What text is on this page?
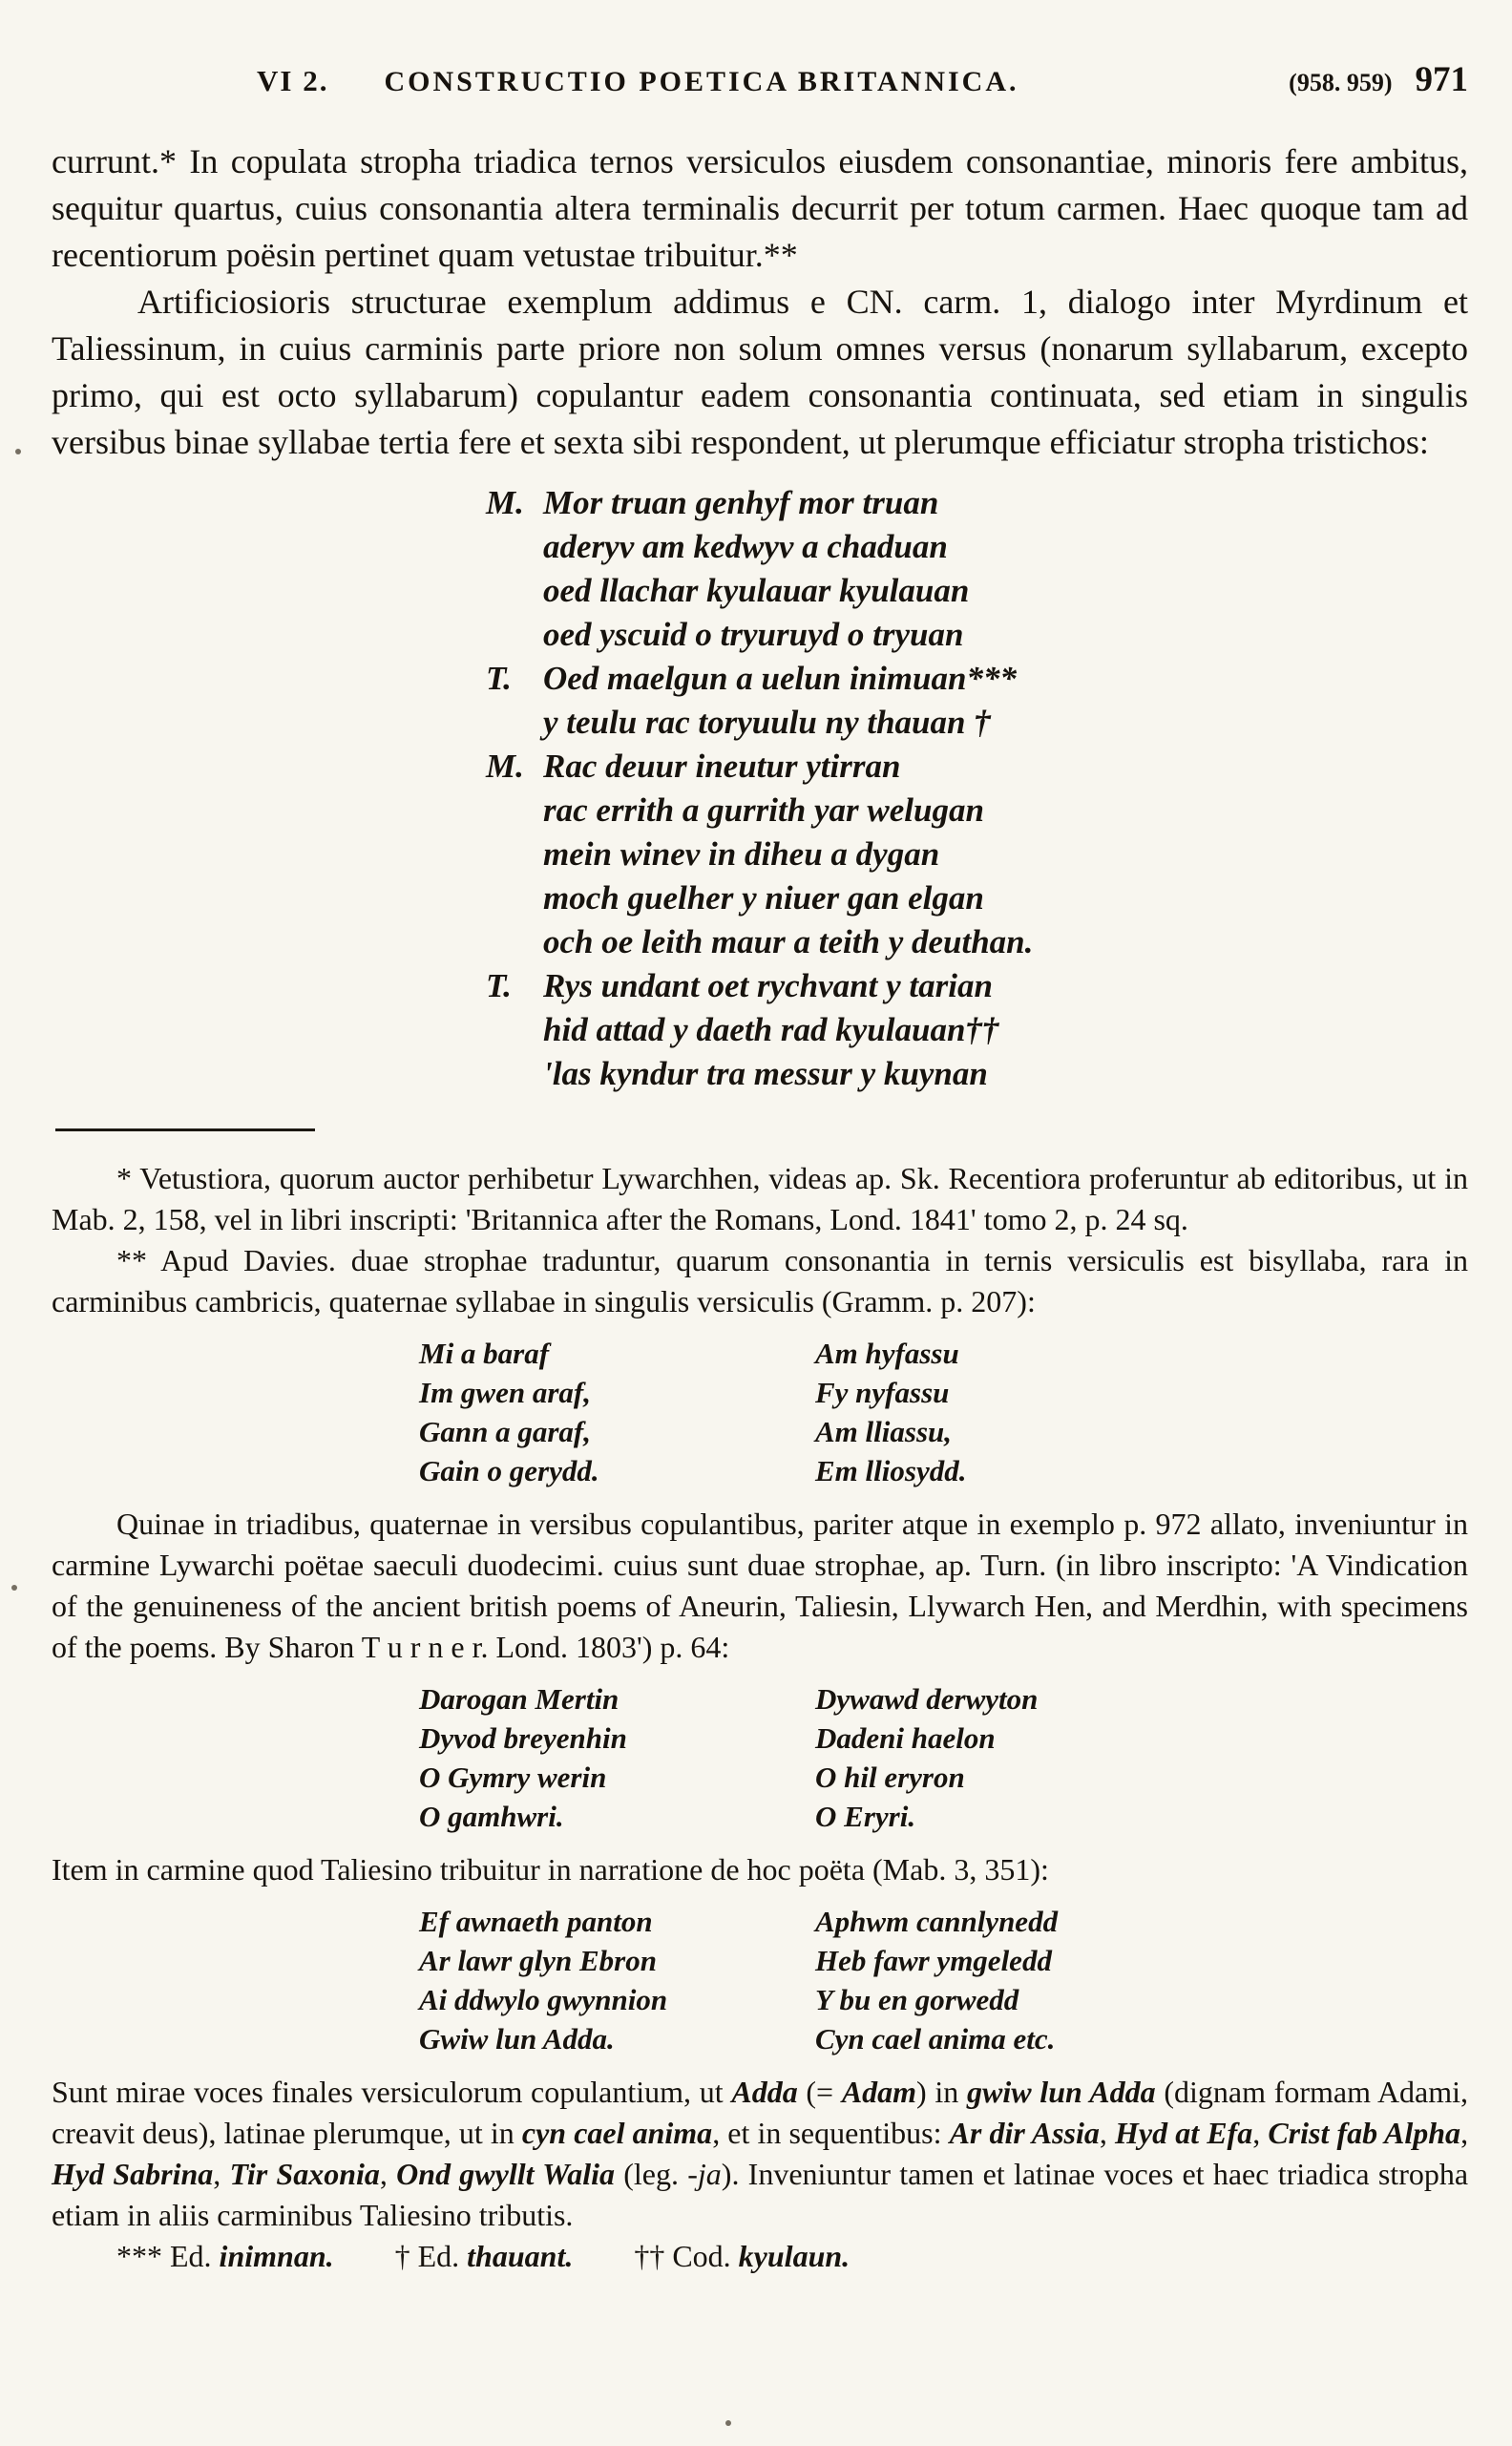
VI 2. CONSTRUCTIO POETICA BRITANNICA.	(958. 959) 971

currunt.* In copulata stropha triadica ternos versiculos eiusdem consonantiae, minoris fere ambitus, sequitur quartus, cuius consonantia altera terminalis decurrit per totum carmen. Haec quoque tam ad recentiorum poësin pertinet quam vetustae tribuitur.**

Artificiosioris structurae exemplum addimus e CN. carm. 1, dialogo inter Myrdinum et Taliessinum, in cuius carminis parte priore non solum omnes versus (nonarum syllabarum, excepto primo, qui est octo syllabarum) copulantur eadem consonantia continuata, sed etiam in singulis versibus binae syllabae tertia fere et sexta sibi respondent, ut plerumque efficiatur stropha tristichos:

M. Mor truan genhyf mor truan
aderyv am kedwyv a chaduan
oed llachar kyulauar kyulauan
oed yscuid o tryuruyd o tryuan
T. Oed maelgun a uelun inimuan***
y teulu rac toryuulu ny thauan †
M. Rac deuur ineutur ytirran
rac errith a gurrith yar welugan
mein winev in diheu a dygan
moch guelher y niuer gan elgan
och oe leith maur a teith y deuthan.
T. Rys undant oet rychvant y tarian
hid attad y daeth rad kyulauan††
'las kyndur tra messur y kuynan

* Vetustiora, quorum auctor perhibetur Lywarchhen, videas ap. Sk. Recentiora proferuntur ab editoribus, ut in Mab. 2, 158, vel in libri inscripti: 'Britannica after the Romans, Lond. 1841' tomo 2, p. 24 sq.

** Apud Davies. duae strophae traduntur, quarum consonantia in ternis versiculis est bisyllaba, rara in carminibus cambricis, quaternae syllabae in singulis versiculis (Gramm. p. 207):

Mi a baraf

Im gwen araf,

Gann a garaf,

Gain o gerydd.

Am hyfassu

Fy nyfassu

Am lliassu,

Em lliosydd.

Quinae in triadibus, quaternae in versibus copulantibus, pariter atque in exemplo p. 972 allato, inveniuntur in carmine Lywarchi poëtae saeculi duodecimi. cuius sunt duae strophae, ap. Turn. (in libro inscripto: 'A Vindication of the genuineness of the ancient british poems of Aneurin, Taliesin, Llywarch Hen, and Merdhin, with specimens of the poems. By Sharon T u r n e r. Lond. 1803') p. 64:

Darogan Mertin

Dyvod breyenhin

O Gymry werin

O gamhwri.

Dywawd derwyton

Dadeni haelon

O hil eryron

O Eryri.

Item in carmine quod Taliesino tribuitur in narratione de hoc poëta (Mab. 3, 351):

Ef awnaeth panton

Ar lawr glyn Ebron

Ai ddwylo gwynnion

Gwiw lun Adda.

Aphwm cannlynedd

Heb fawr ymgeledd

Y bu en gorwedd

Cyn cael anima etc.

Sunt mirae voces finales versiculorum copulantium, ut Adda (= Adam) in gwiw lun Adda (dignam formam Adami, creavit deus), latinae plerumque, ut in cyn cael anima, et in sequentibus: Ar dir Assia, Hyd at Efa, Crist fab Alpha, Hyd Sabrina, Tir Saxonia, Ond gwyllt Walia (leg. -ja). Inveniuntur tamen et latinae voces et haec triadica stropha etiam in aliis carminibus Taliesino tributis.

*** Ed. inimnan.        † Ed. thauant.        †† Cod. kyulaun.
